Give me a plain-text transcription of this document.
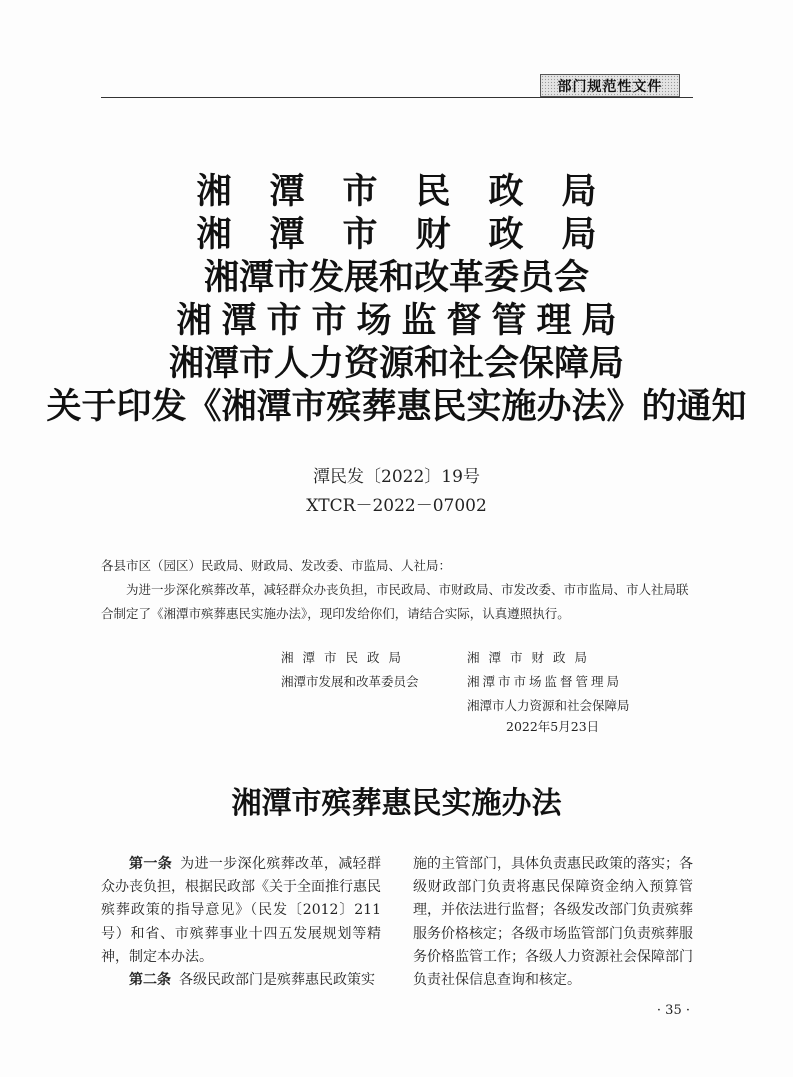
部门规范性文件
湘潭市民政局
湘潭市财政局
湘潭市发展和改革委员会
湘潭市市场监督管理局
湘潭市人力资源和社会保障局
关于印发《湘潭市殡葬惠民实施办法》的通知
潭民发〔2022〕19号
XTCR－2022－07002
各县市区（园区）民政局、财政局、发改委、市监局、人社局：
为进一步深化殡葬改革，减轻群众办丧负担，市民政局、市财政局、市发改委、市市监局、市人社局联合制定了《湘潭市殡葬惠民实施办法》，现印发给你们，请结合实际，认真遵照执行。
湘潭市民政局
湘潭市发展和改革委员会
湘潭市财政局
湘潭市市场监督管理局
湘潭市人力资源和社会保障局
2022年5月23日
湘潭市殡葬惠民实施办法

第一条 为进一步深化殡葬改革，减轻群众办丧负担，根据民政部《关于全面推行惠民殡葬政策的指导意见》（民发〔2012〕211号）和省、市殡葬事业十四五发展规划等精神，制定本办法。

第二条 各级民政部门是殡葬惠民政策实

施的主管部门，具体负责惠民政策的落实；各级财政部门负责将惠民保障资金纳入预算管理，并依法进行监督；各级发改部门负责殡葬服务价格核定；各级市场监管部门负责殡葬服务价格监管工作；各级人力资源社会保障部门负责社保信息查询和核定。

· 35 ·
